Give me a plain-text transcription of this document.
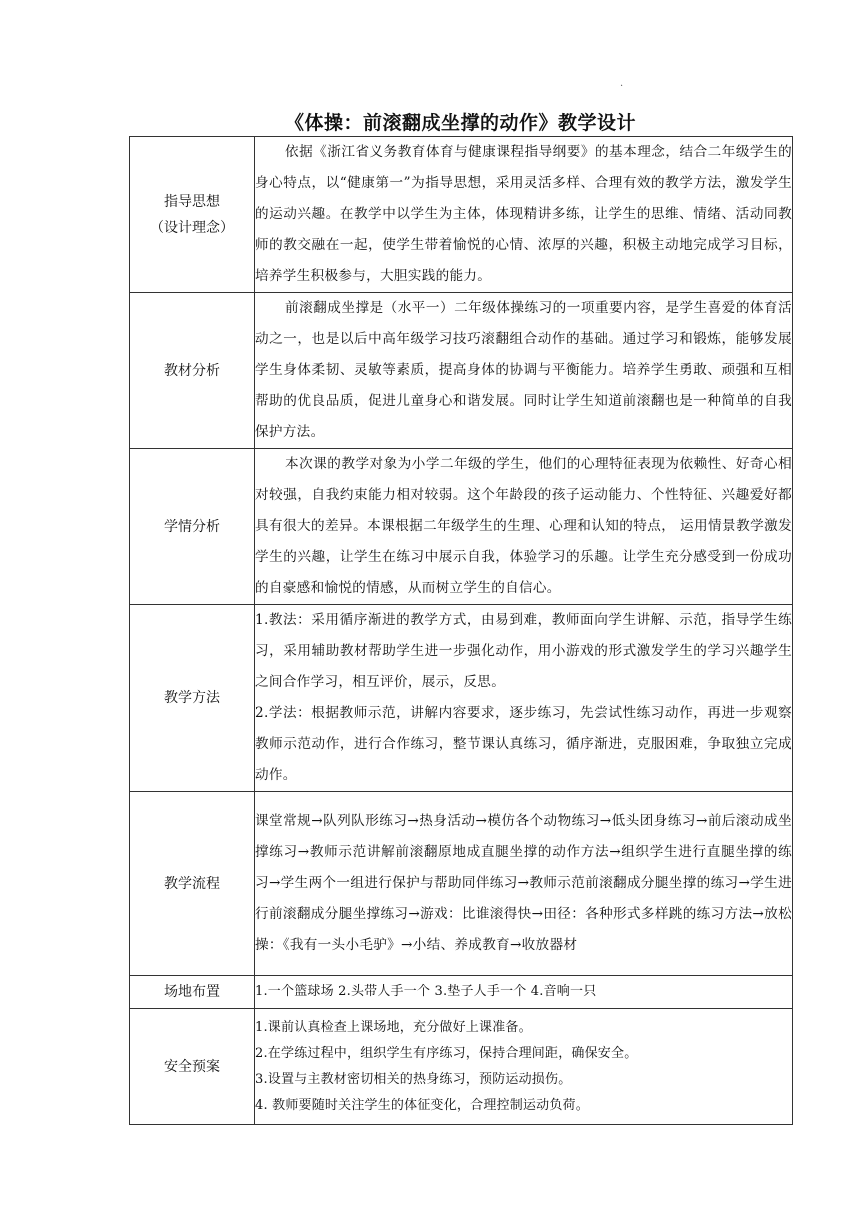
·
《体操：前滚翻成坐撑的动作》教学设计
指导思想
（设计理念）	依据《浙江省义务教育体育与健康课程指导纲要》的基本理念，结合二年级学生的身心特点，以“健康第一”为指导思想，采用灵活多样、合理有效的教学方法，激发学生的运动兴趣。在教学中以学生为主体，体现精讲多练，让学生的思维、情绪、活动同教师的教交融在一起，使学生带着愉悦的心情、浓厚的兴趣，积极主动地完成学习目标，培养学生积极参与，大胆实践的能力。

教材分析	前滚翻成坐撑是（水平一）二年级体操练习的一项重要内容，是学生喜爱的体育活动之一，也是以后中高年级学习技巧滚翻组合动作的基础。通过学习和锻炼，能够发展学生身体柔韧、灵敏等素质，提高身体的协调与平衡能力。培养学生勇敢、顽强和互相帮助的优良品质，促进儿童身心和谐发展。同时让学生知道前滚翻也是一种简单的自我保护方法。

学情分析	本次课的教学对象为小学二年级的学生，他们的心理特征表现为依赖性、好奇心相对较强，自我约束能力相对较弱。这个年龄段的孩子运动能力、个性特征、兴趣爱好都具有很大的差异。本课根据二年级学生的生理、心理和认知的特点， 运用情景教学激发学生的兴趣，让学生在练习中展示自我，体验学习的乐趣。让学生充分感受到一份成功的自豪感和愉悦的情感，从而树立学生的自信心。

教学方法	1.教法：采用循序渐进的教学方式，由易到难，教师面向学生讲解、示范，指导学生练习，采用辅助教材帮助学生进一步强化动作，用小游戏的形式激发学生的学习兴趣学生之间合作学习，相互评价，展示，反思。

2.学法：根据教师示范，讲解内容要求，逐步练习，先尝试性练习动作，再进一步观察教师示范动作，进行合作练习，整节课认真练习，循序渐进，克服困难，争取独立完成动作。

教学流程	课堂常规→队列队形练习→热身活动→模仿各个动物练习→低头团身练习→前后滚动成坐撑练习→教师示范讲解前滚翻原地成直腿坐撑的动作方法→组织学生进行直腿坐撑的练习→学生两个一组进行保护与帮助同伴练习→教师示范前滚翻成分腿坐撑的练习→学生进行前滚翻成分腿坐撑练习→游戏：比谁滚得快→田径：各种形式多样跳的练习方法→放松操：《我有一头小毛驴》→小结、养成教育→收放器材

场地布置	1.一个篮球场 2.头带人手一个 3.垫子人手一个 4.音响一只

安全预案	1.课前认真检查上课场地，充分做好上课准备。

2.在学练过程中，组织学生有序练习，保持合理间距，确保安全。

3.设置与主教材密切相关的热身练习，预防运动损伤。

4. 教师要随时关注学生的体征变化，合理控制运动负荷。
